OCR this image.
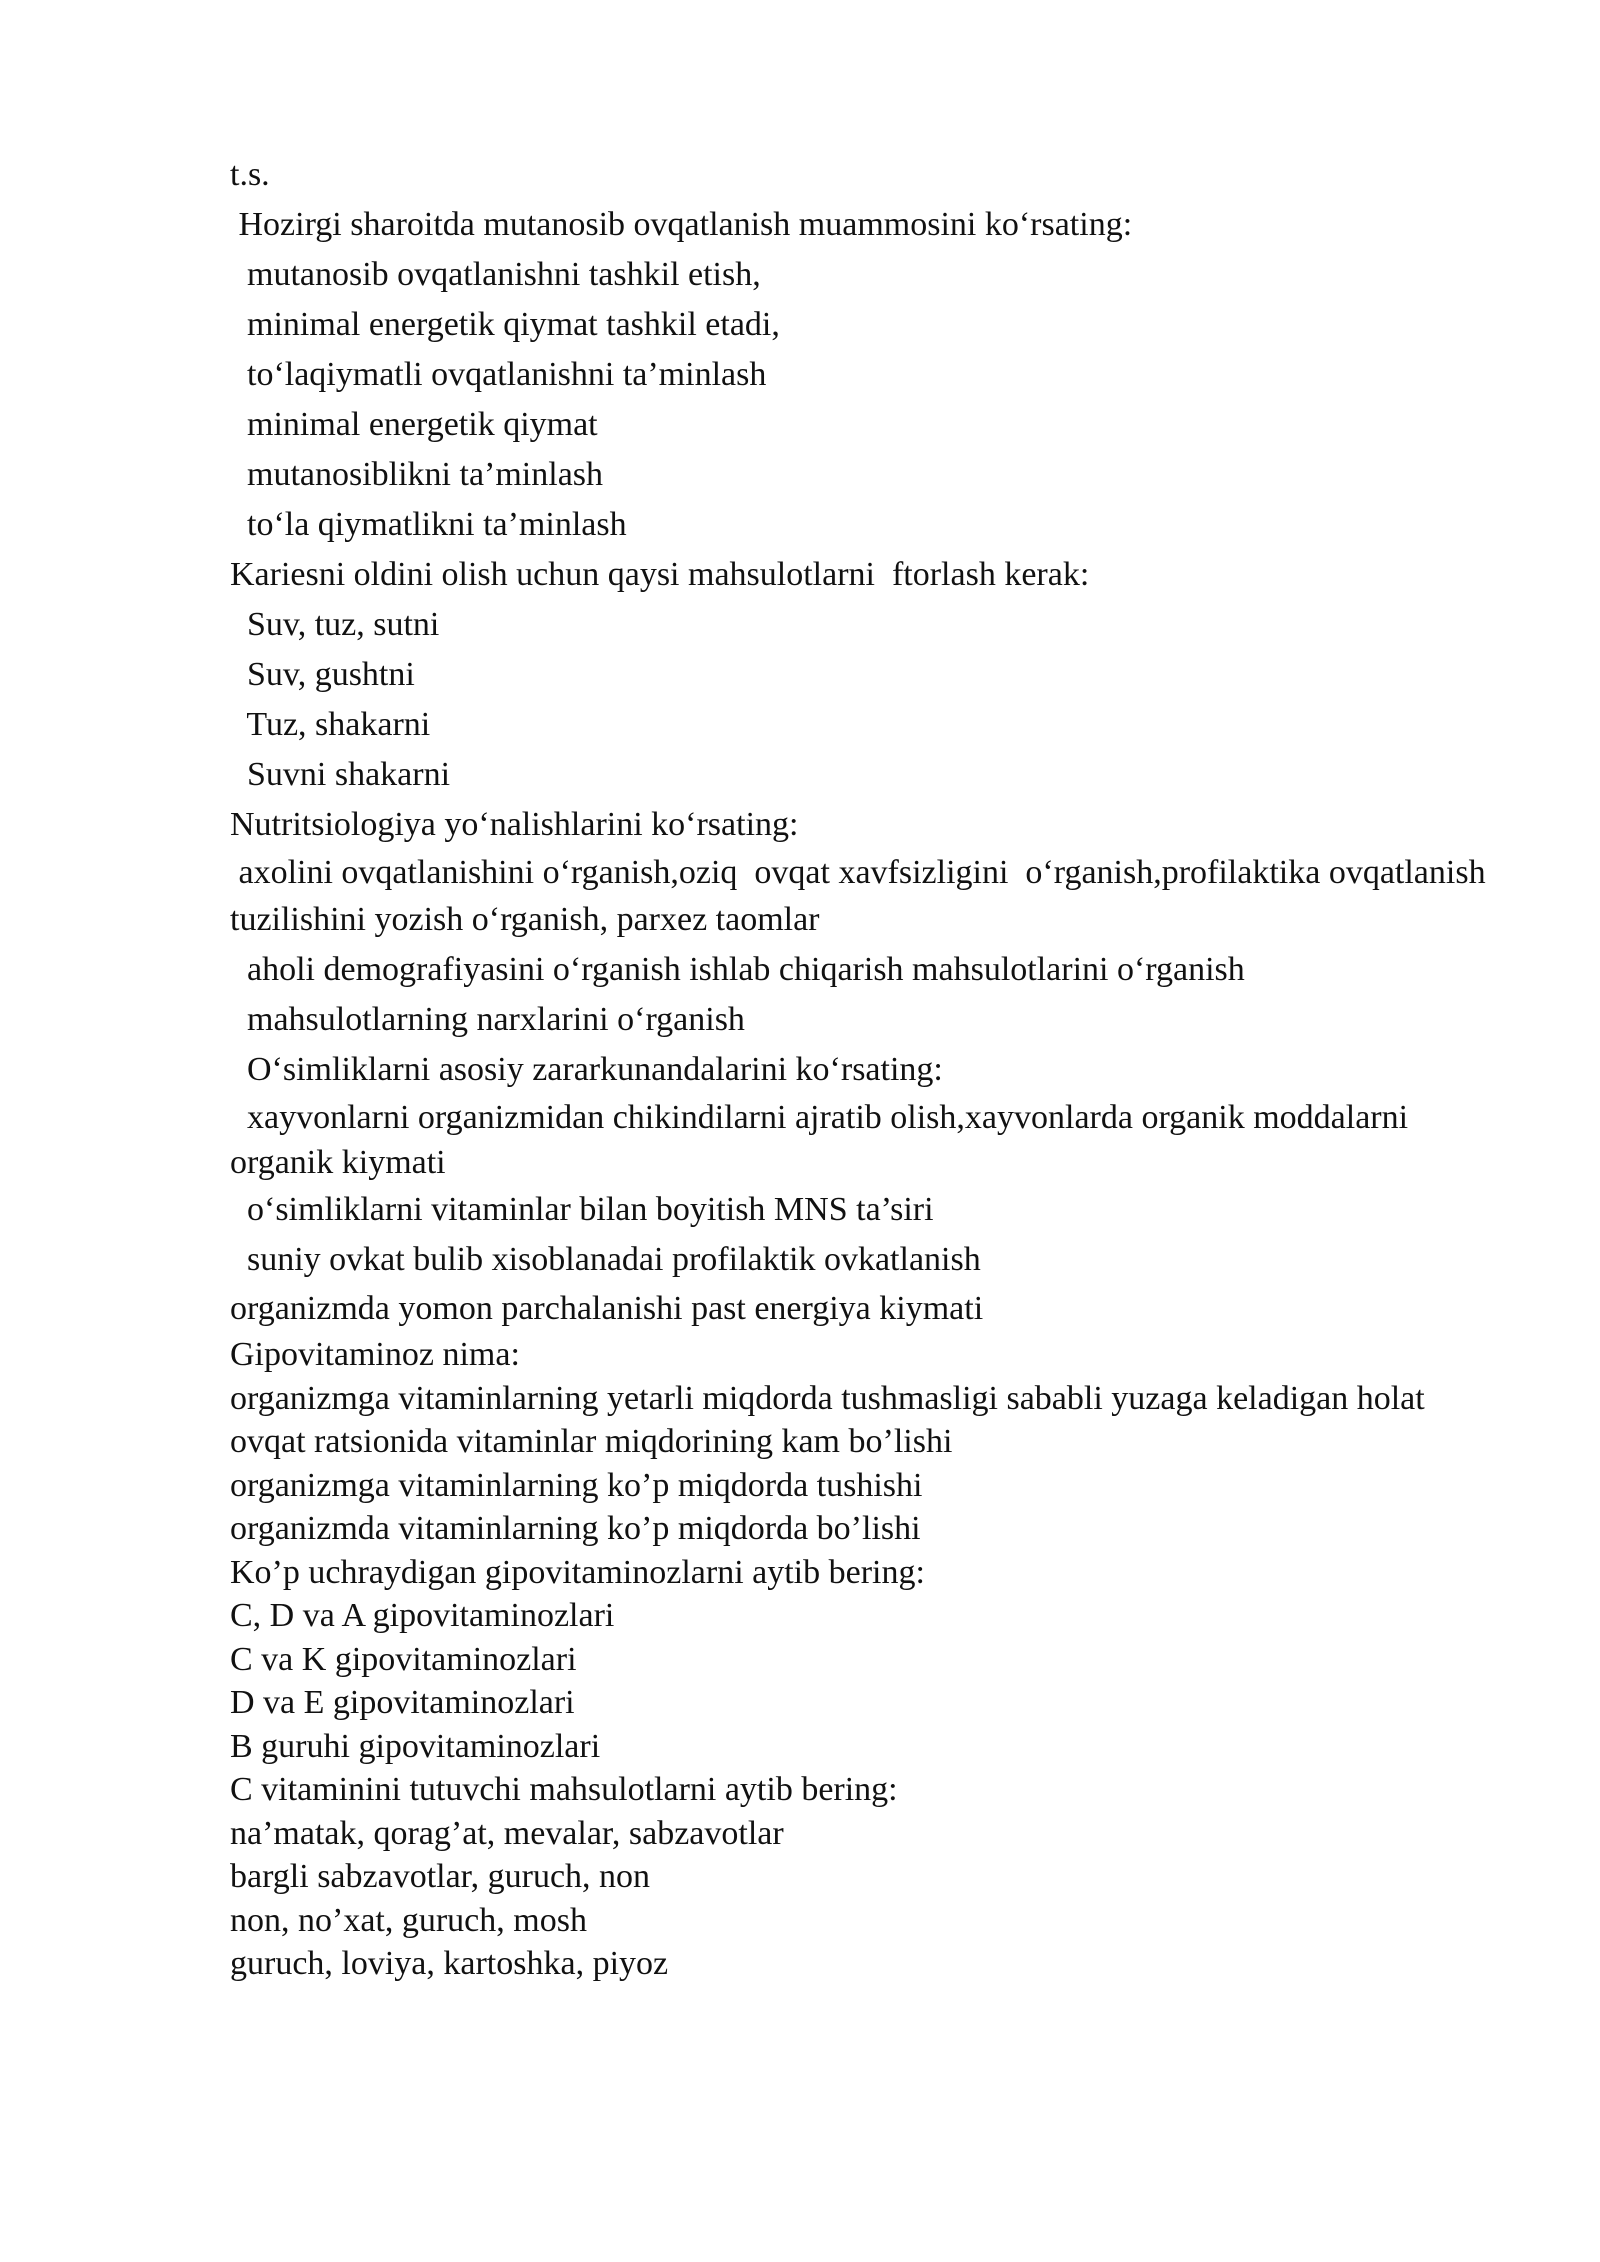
t.s.
Hozirgi sharoitda mutanosib ovqatlanish muammosini koʻrsating:
mutanosib ovqatlanishni tashkil etish,
minimal energetik qiymat tashkil etadi,
toʻlaqiymatli ovqatlanishni ta’minlash
minimal energetik qiymat
mutanosiblikni ta’minlash
toʻla qiymatlikni ta’minlash
Kariesni oldini olish uchun qaysi mahsulotlarni  ftorlash kerak:
Suv, tuz, sutni
Suv, gushtni
Tuz, shakarni
Suvni shakarni
Nutritsiologiya yoʻnalishlarini koʻrsating:
axolini ovqatlanishini oʻrganish,oziq  ovqat xavfsizligini  oʻrganish,profilaktika ovqatlanish
tuzilishini yozish oʻrganish, parxez taomlar
aholi demografiyasini oʻrganish ishlab chiqarish mahsulotlarini oʻrganish
mahsulotlarning narxlarini oʻrganish
Oʻsimliklarni asosiy zararkunandalarini koʻrsating:
xayvonlarni organizmidan chikindilarni ajratib olish,xayvonlarda organik moddalarni organik kiymati
oʻsimliklarni vitaminlar bilan boyitish MNS ta’siri
suniy ovkat bulib xisoblanadai profilaktik ovkatlanish
organizmda yomon parchalanishi past energiya kiymati
Gipovitaminoz nima:
organizmga vitaminlarning yetarli miqdorda tushmasligi sababli yuzaga keladigan holat
ovqat ratsionida vitaminlar miqdorining kam bo’lishi
organizmga vitaminlarning ko’p miqdorda tushishi
organizmda vitaminlarning ko’p miqdorda bo’lishi
Ko’p uchraydigan gipovitaminozlarni aytib bering:
C, D va A gipovitaminozlari
C va K gipovitaminozlari
D va E gipovitaminozlari
B guruhi gipovitaminozlari
C vitaminini tutuvchi mahsulotlarni aytib bering:
na’matak, qorag’at, mevalar, sabzavotlar
bargli sabzavotlar, guruch, non
non, no’xat, guruch, mosh
guruch, loviya, kartoshka, piyoz
